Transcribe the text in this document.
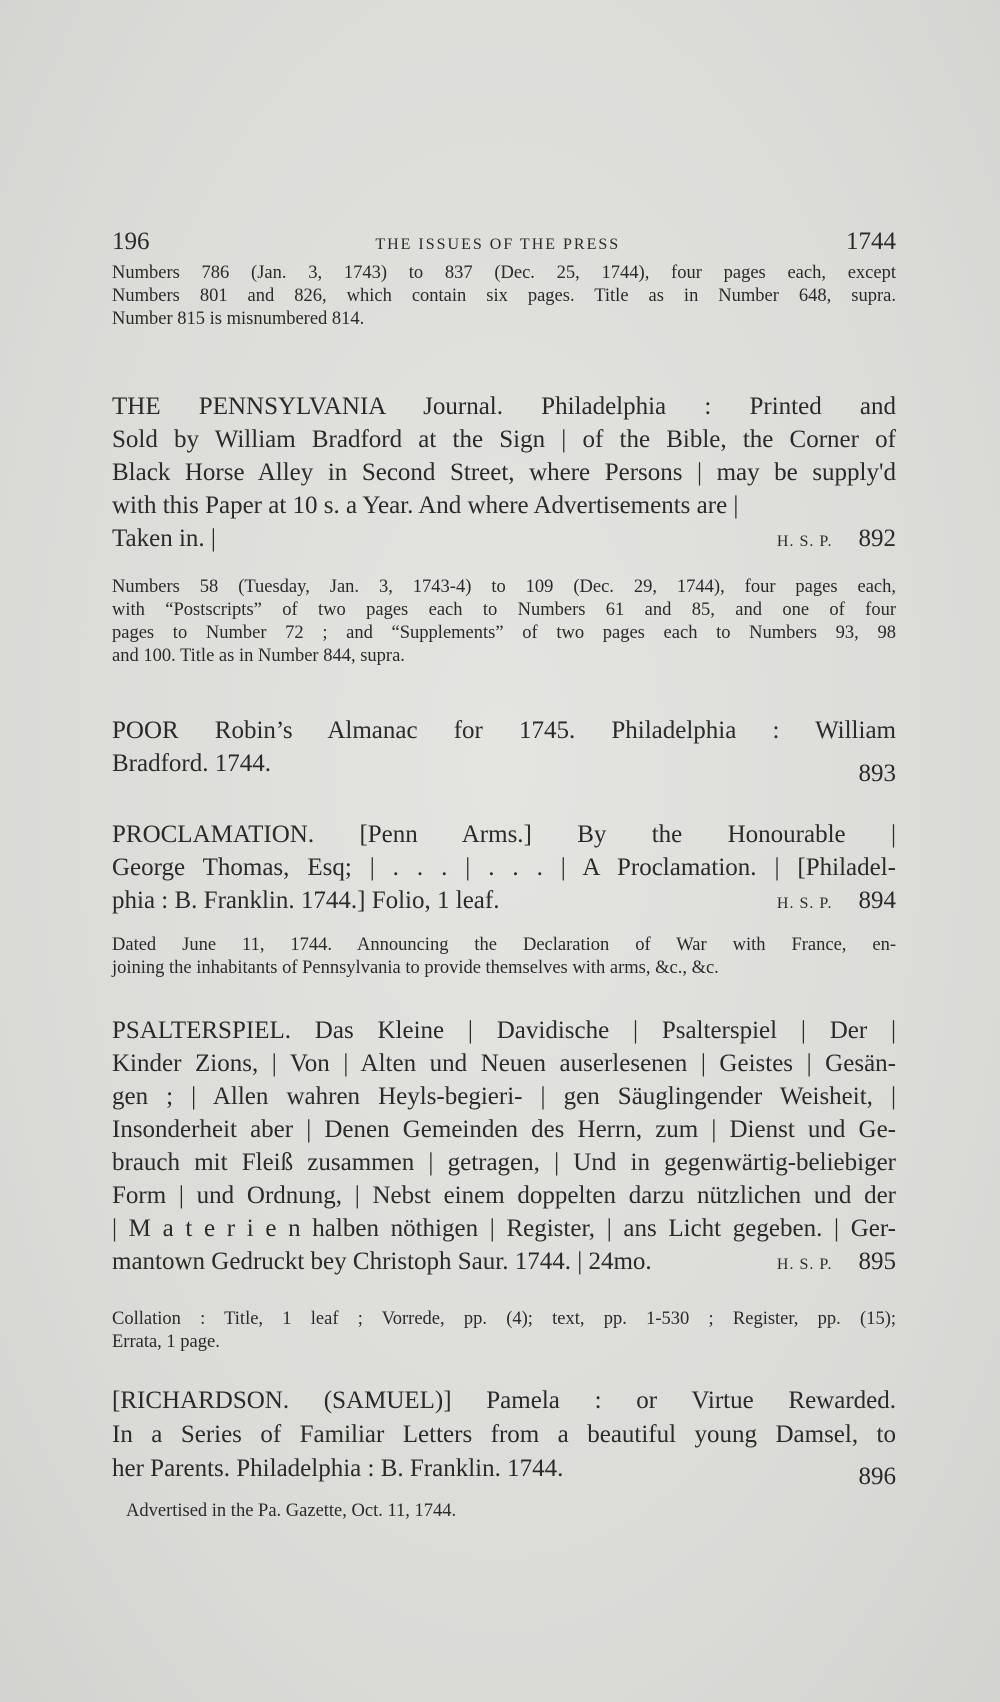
196	THE ISSUES OF THE PRESS	1744
Numbers 786 (Jan. 3, 1743) to 837 (Dec. 25, 1744), four pages each, except
Numbers 801 and 826, which contain six pages. Title as in Number 648, supra.
Number 815 is misnumbered 814.
THE PENNSYLVANIA Journal. Philadelphia : Printed and
Sold by William Bradford at the Sign | of the Bible, the Corner of
Black Horse Alley in Second Street, where Persons | may be supply'd
with this Paper at 10 s. a Year. And where Advertisements are |
Taken in. |	H. S. P. 892
Numbers 58 (Tuesday, Jan. 3, 1743-4) to 109 (Dec. 29, 1744), four pages each,
with “Postscripts” of two pages each to Numbers 61 and 85, and one of four
pages to Number 72 ; and “Supplements” of two pages each to Numbers 93, 98
and 100. Title as in Number 844, supra.
POOR Robin’s Almanac for 1745. Philadelphia : William
Bradford. 1744.	893
PROCLAMATION. [Penn Arms.] By the Honourable |
George Thomas, Esq; | . . . | . . . | A Proclamation. | [Philadel-
phia : B. Franklin. 1744.] Folio, 1 leaf.	H. S. P. 894
Dated June 11, 1744. Announcing the Declaration of War with France, en-
joining the inhabitants of Pennsylvania to provide themselves with arms, &c., &c.
PSALTERSPIEL. Das Kleine | Davidische | Psalterspiel | Der |
Kinder Zions, | Von | Alten und Neuen auserlesenen | Geistes | Gesän-
gen ; | Allen wahren Heyls-begieri- | gen Säuglingender Weisheit, |
Insonderheit aber | Denen Gemeinden des Herrn, zum | Dienst und Ge-
brauch mit Fleiß zusammen | getragen, | Und in gegenwärtig-beliebiger
Form | und Ordnung, | Nebst einem doppelten darzu nützlichen und der
| M a t e r i e n halben nöthigen | Register, | ans Licht gegeben. | Ger-
mantown Gedruckt bey Christoph Saur. 1744. | 24mo.	H. S. P. 895
Collation : Title, 1 leaf ; Vorrede, pp. (4); text, pp. 1-530 ; Register, pp. (15);
Errata, 1 page.
[RICHARDSON. (SAMUEL)] Pamela : or Virtue Rewarded.
In a Series of Familiar Letters from a beautiful young Damsel, to
her Parents. Philadelphia : B. Franklin. 1744.	896
Advertised in the Pa. Gazette, Oct. 11, 1744.
